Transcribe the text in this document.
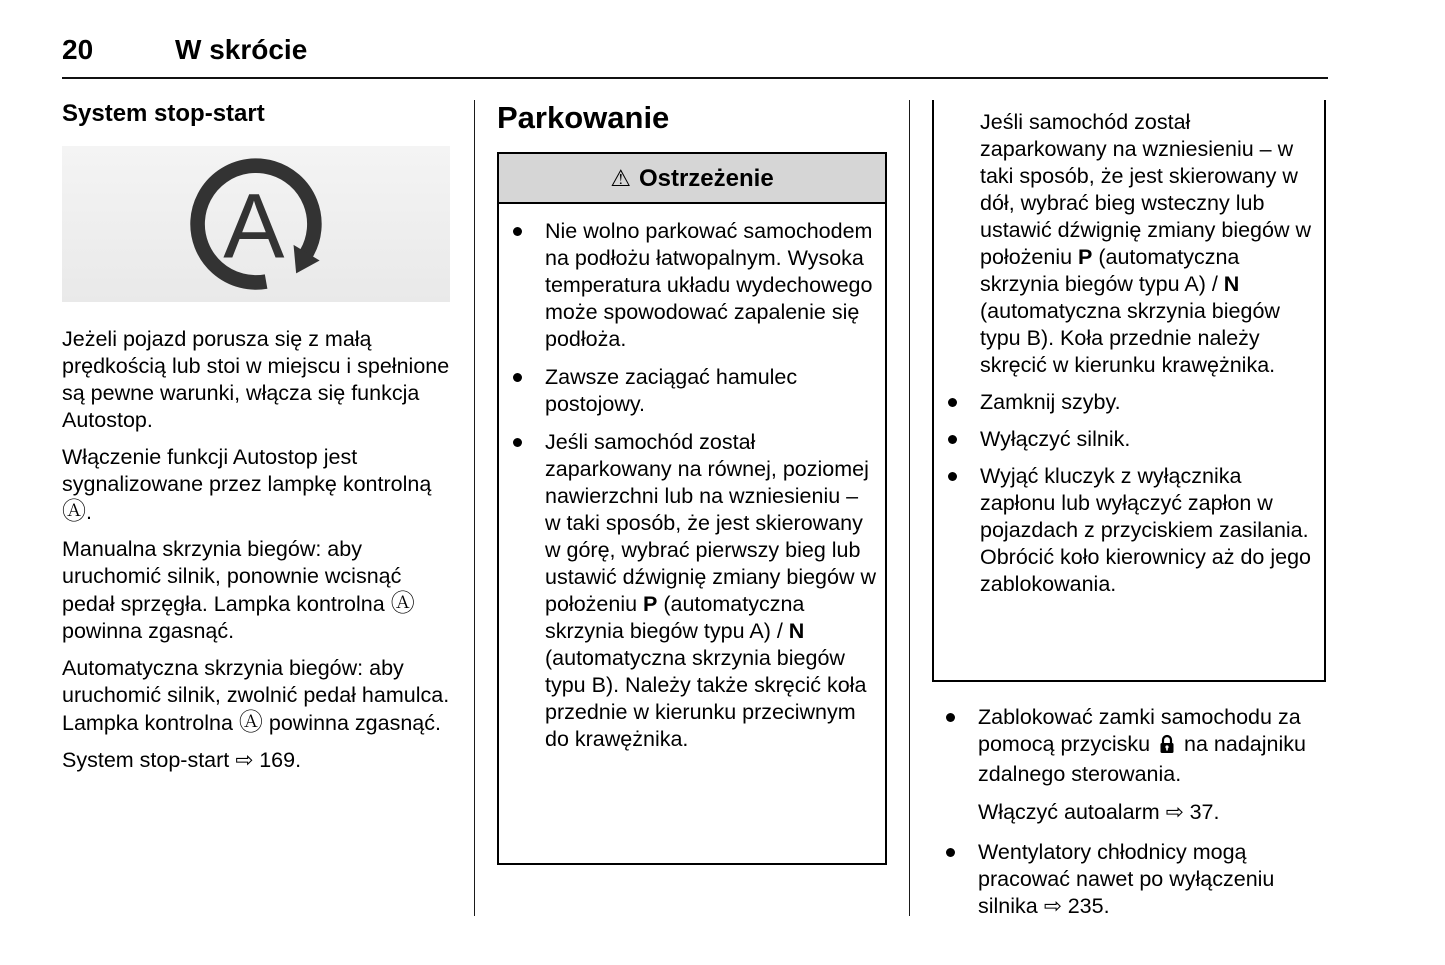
20	W skrócie
System stop-start
A

Jeżeli pojazd porusza się z małą prędkością lub stoi w miejscu i spełnione są pewne warunki, włącza się funkcja Autostop.

Włączenie funkcji Autostop jest sygnalizowane przez lampkę kontrolną Ⓐ.

Manualna skrzynia biegów: aby uruchomić silnik, ponownie wcisnąć pedał sprzęgła. Lampka kontrolna Ⓐ powinna zgasnąć.

Automatyczna skrzynia biegów: aby uruchomić silnik, zwolnić pedał hamulca. Lampka kontrolna Ⓐ powinna zgasnąć.

System stop-start ⇨ 169.

Parkowanie
⚠ Ostrzeżenie
Nie wolno parkować samochodem na podłożu łatwopalnym. Wysoka temperatura układu wydechowego może spowodować zapalenie się podłoża.
Zawsze zaciągać hamulec postojowy.
Jeśli samochód został zaparkowany na równej, poziomej nawierzchni lub na wzniesieniu – w taki sposób, że jest skierowany w górę, wybrać pierwszy bieg lub ustawić dźwignię zmiany biegów w położeniu P (automatyczna skrzynia biegów typu A) / N (automatyczna skrzynia biegów typu B). Należy także skręcić koła przednie w kierunku przeciwnym do krawężnika.
Jeśli samochód został zaparkowany na wzniesieniu – w taki sposób, że jest skierowany w dół, wybrać bieg wsteczny lub ustawić dźwignię zmiany biegów w położeniu P (automatyczna skrzynia biegów typu A) / N (automatyczna skrzynia biegów typu B). Koła przednie należy skręcić w kierunku krawężnika.
Zamknij szyby.
Wyłączyć silnik.
Wyjąć kluczyk z wyłącznika zapłonu lub wyłączyć zapłon w pojazdach z przyciskiem zasilania. Obrócić koło kierownicy aż do jego zablokowania.
Zablokować zamki samochodu za pomocą przycisku  na nadajniku zdalnego sterowania.
Włączyć autoalarm ⇨ 37.
Wentylatory chłodnicy mogą pracować nawet po wyłączeniu silnika ⇨ 235.
